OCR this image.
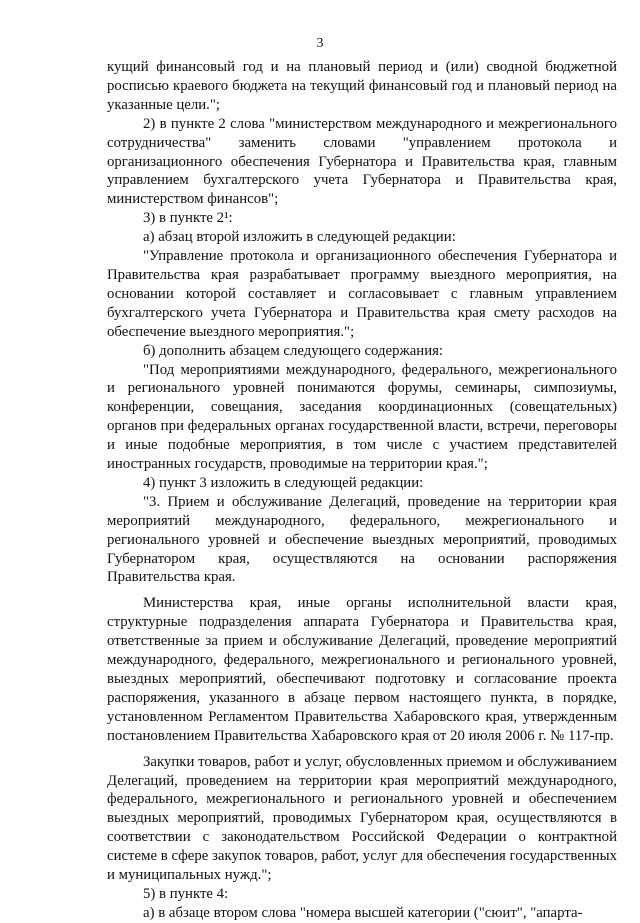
3

кущий финансовый год и на плановый период и (или) сводной бюджетной росписью краевого бюджета на текущий финансовый год и плановый период на указанные цели.";

2) в пункте 2 слова "министерством международного и межрегионального сотрудничества" заменить словами "управлением протокола и организационного обеспечения Губернатора и Правительства края, главным управлением бухгалтерского учета Губернатора и Правительства края, министерством финансов";

3) в пункте 2¹:

а) абзац второй изложить в следующей редакции:

"Управление протокола и организационного обеспечения Губернатора и Правительства края разрабатывает программу выездного мероприятия, на основании которой составляет и согласовывает с главным управлением бухгалтерского учета Губернатора и Правительства края смету расходов на обеспечение выездного мероприятия.";

б) дополнить абзацем следующего содержания:

"Под мероприятиями международного, федерального, межрегионального и регионального уровней понимаются форумы, семинары, симпозиумы, конференции, совещания, заседания координационных (совещательных) органов при федеральных органах государственной власти, встречи, переговоры и иные подобные мероприятия, в том числе с участием представителей иностранных государств, проводимые на территории края.";

4) пункт 3 изложить в следующей редакции:

"3. Прием и обслуживание Делегаций, проведение на территории края мероприятий международного, федерального, межрегионального и регионального уровней и обеспечение выездных мероприятий, проводимых Губернатором края, осуществляются на основании распоряжения Правительства края.

Министерства края, иные органы исполнительной власти края, структурные подразделения аппарата Губернатора и Правительства края, ответственные за прием и обслуживание Делегаций, проведение мероприятий международного, федерального, межрегионального и регионального уровней, выездных мероприятий, обеспечивают подготовку и согласование проекта распоряжения, указанного в абзаце первом настоящего пункта, в порядке, установленном Регламентом Правительства Хабаровского края, утвержденным постановлением Правительства Хабаровского края от 20 июля 2006 г. № 117-пр.

Закупки товаров, работ и услуг, обусловленных приемом и обслуживанием Делегаций, проведением на территории края мероприятий международного, федерального, межрегионального и регионального уровней и обеспечением выездных мероприятий, проводимых Губернатором края, осуществляются в соответствии с законодательством Российской Федерации о контрактной системе в сфере закупок товаров, работ, услуг для обеспечения государственных и муниципальных нужд.";

5) в пункте 4:

а) в абзаце втором слова "номера высшей категории ("сюит", "апарта-
